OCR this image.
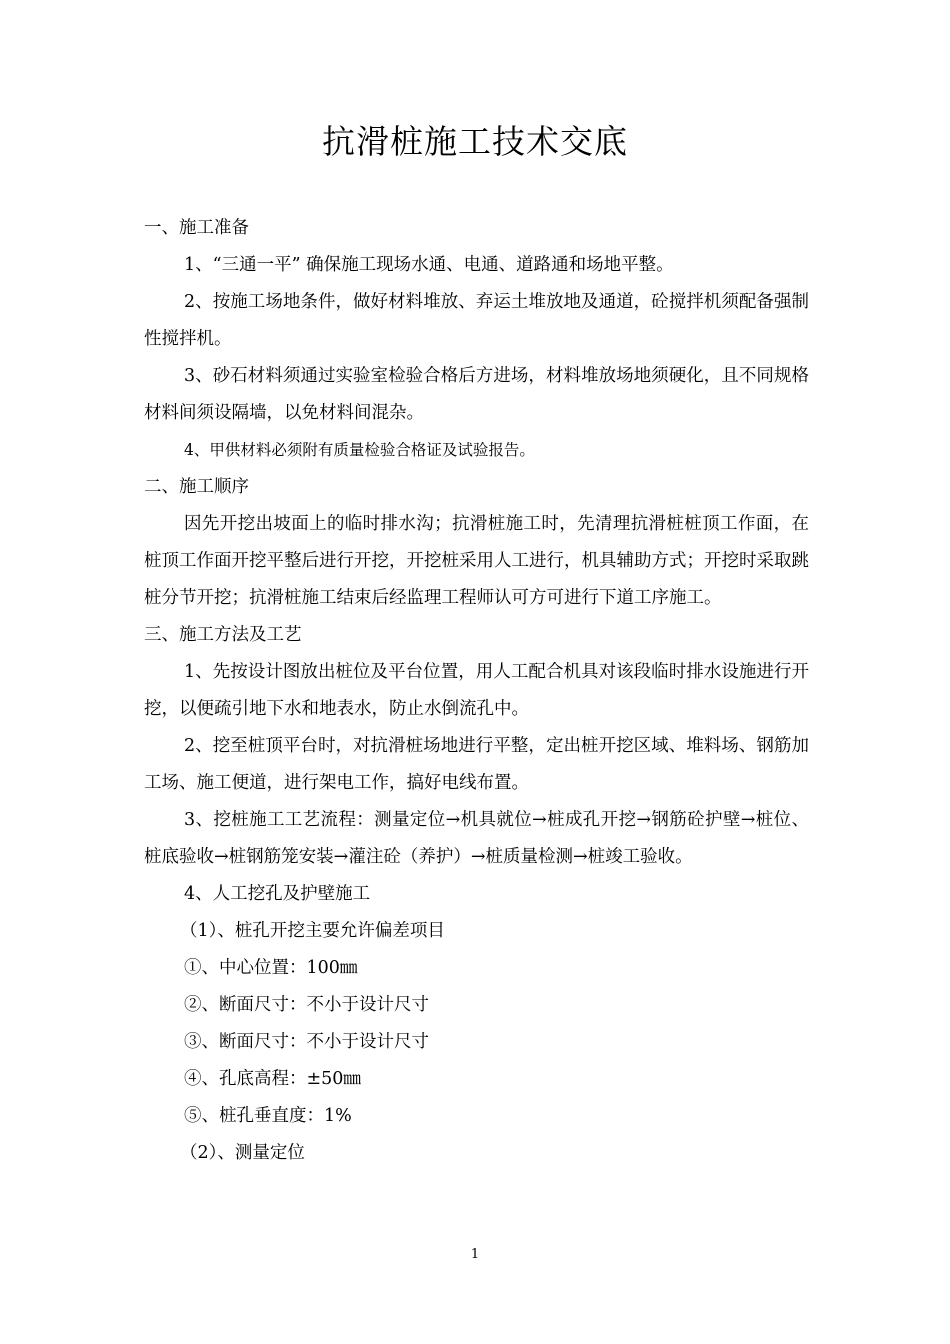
抗滑桩施工技术交底

一、施工准备

1、“三通一平” 确保施工现场水通、电通、道路通和场地平整。

2、按施工场地条件，做好材料堆放、弃运土堆放地及通道，砼搅拌机须配备强制性搅拌机。

3、砂石材料须通过实验室检验合格后方进场，材料堆放场地须硬化，且不同规格材料间须设隔墙，以免材料间混杂。

4、甲供材料必须附有质量检验合格证及试验报告。

二、施工顺序

因先开挖出坡面上的临时排水沟；抗滑桩施工时，先清理抗滑桩桩顶工作面，在桩顶工作面开挖平整后进行开挖，开挖桩采用人工进行，机具辅助方式；开挖时采取跳桩分节开挖；抗滑桩施工结束后经监理工程师认可方可进行下道工序施工。

三、施工方法及工艺

1、先按设计图放出桩位及平台位置，用人工配合机具对该段临时排水设施进行开挖，以便疏引地下水和地表水，防止水倒流孔中。

2、挖至桩顶平台时，对抗滑桩场地进行平整，定出桩开挖区域、堆料场、钢筋加工场、施工便道，进行架电工作，搞好电线布置。

3、挖桩施工工艺流程：测量定位→机具就位→桩成孔开挖→钢筋砼护壁→桩位、桩底验收→桩钢筋笼安装→灌注砼（养护）→桩质量检测→桩竣工验收。

4、人工挖孔及护壁施工

（1）、桩孔开挖主要允许偏差项目

①、中心位置：100㎜

②、断面尺寸：不小于设计尺寸

③、断面尺寸：不小于设计尺寸

④、孔底高程：±50㎜

⑤、桩孔垂直度：1%

（2）、测量定位

1
